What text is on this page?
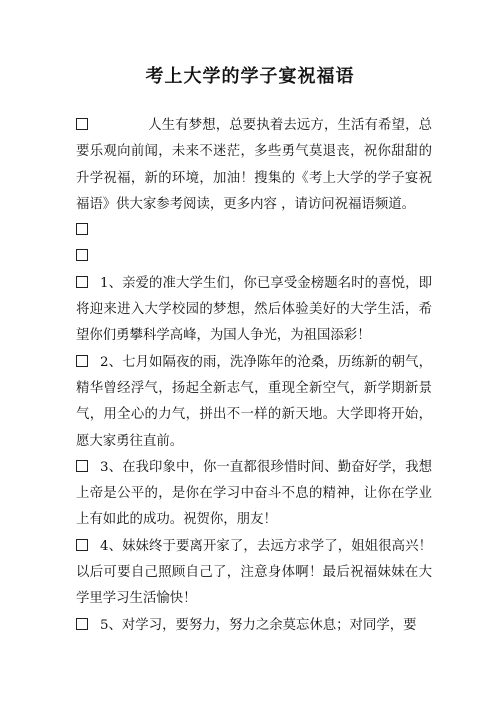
考上大学的学子宴祝福语

人生有梦想，总要执着去远方，生活有希望，总要乐观向前闻，未来不迷茫，多些勇气莫退丧，祝你甜甜的升学祝福，新的环境，加油！搜集的《考上大学的学子宴祝福语》供大家参考阅读，更多内容 ，请访问祝福语频道。

1、亲爱的准大学生们，你已享受金榜题名时的喜悦，即将迎来进入大学校园的梦想，然后体验美好的大学生活，希望你们勇攀科学高峰，为国人争光，为祖国添彩！

2、七月如隔夜的雨，洗净陈年的沧桑，历练新的朝气，精华曾经浮气，扬起全新志气，重现全新空气，新学期新景气，用全心的力气，拼出不一样的新天地。大学即将开始，愿大家勇往直前。

3、在我印象中，你一直都很珍惜时间、勤奋好学，我想上帝是公平的，是你在学习中奋斗不息的精神，让你在学业上有如此的成功。祝贺你，朋友！

4、妹妹终于要离开家了，去远方求学了，姐姐很高兴！以后可要自己照顾自己了，注意身体啊！最后祝福妹妹在大学里学习生活愉快！

5、对学习，要努力，努力之余莫忘休息；对同学，要
